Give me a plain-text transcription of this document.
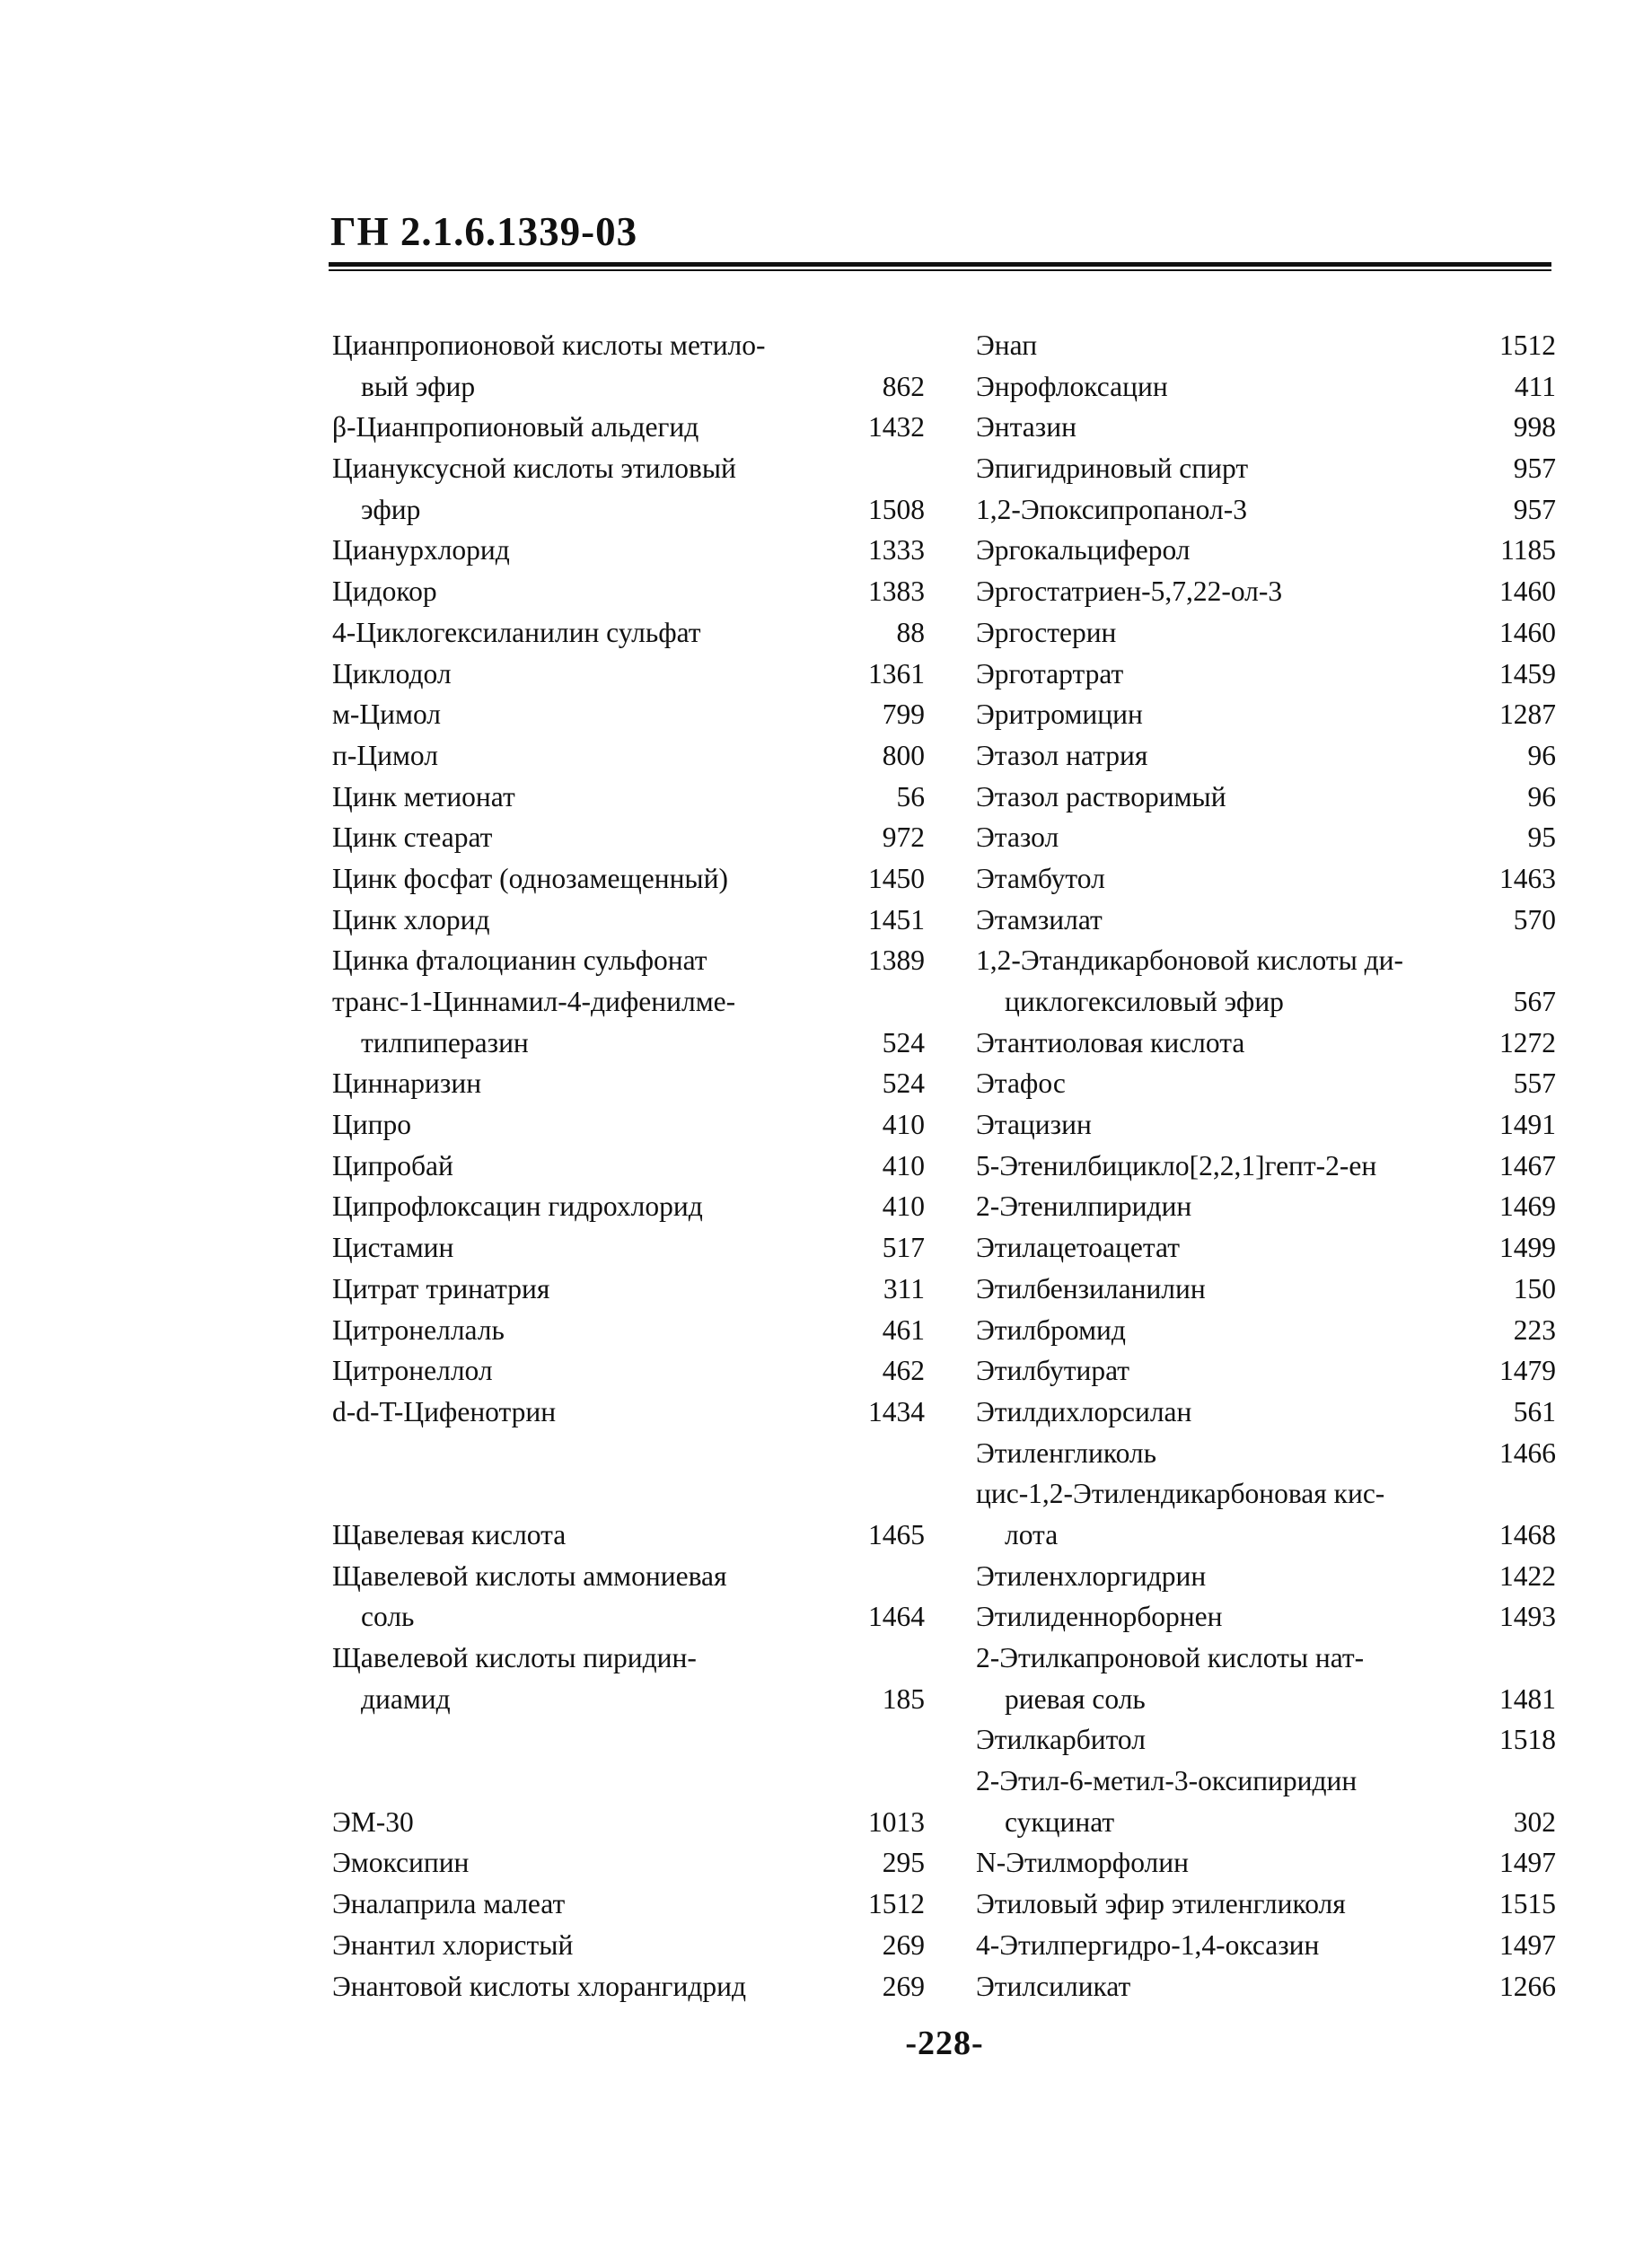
ГН 2.1.6.1339-03
Цианпропионовой кислоты метило-
вый эфир	862
β-Цианпропионовый альдегид	1432
Циануксусной кислоты этиловый
эфир	1508
Цианурхлорид	1333
Цидокор	1383
4-Циклогексиланилин сульфат	88
Циклодол	1361
м-Цимол	799
п-Цимол	800
Цинк метионат	56
Цинк стеарат	972
Цинк фосфат (однозамещенный)	1450
Цинк хлорид	1451
Цинка фталоцианин сульфонат	1389
транс-1-Циннамил-4-дифенилме-
тилпиперазин	524
Циннаризин	524
Ципро	410
Ципробай	410
Ципрофлоксацин гидрохлорид	410
Цистамин	517
Цитрат тринатрия	311
Цитронеллаль	461
Цитронеллол	462
d-d-T-Цифенотрин	1434
Щавелевая кислота	1465
Щавелевой кислоты аммониевая
соль	1464
Щавелевой кислоты пиридин-
диамид	185
ЭМ-30	1013
Эмоксипин	295
Эналаприла малеат	1512
Энантил хлористый	269
Энантовой кислоты хлорангидрид	269
Энап	1512
Энрофлоксацин	411
Энтазин	998
Эпигидриновый спирт	957
1,2-Эпоксипропанол-3	957
Эргокальциферол	1185
Эргостатриен-5,7,22-ол-3	1460
Эргостерин	1460
Эрготартрат	1459
Эритромицин	1287
Этазол натрия	96
Этазол растворимый	96
Этазол	95
Этамбутол	1463
Этамзилат	570
1,2-Этандикарбоновой кислоты ди-
циклогексиловый эфир	567
Этантиоловая кислота	1272
Этафос	557
Этацизин	1491
5-Этенилбицикло[2,2,1]гепт-2-ен	1467
2-Этенилпиридин	1469
Этилацетоацетат	1499
Этилбензиланилин	150
Этилбромид	223
Этилбутират	1479
Этилдихлорсилан	561
Этиленгликоль	1466
цис-1,2-Этилендикарбоновая кис-
лота	1468
Этиленхлоргидрин	1422
Этилиденнорборнен	1493
2-Этилкапроновой кислоты нат-
риевая соль	1481
Этилкарбитол	1518
2-Этил-6-метил-3-оксипиридин
сукцинат	302
N-Этилморфолин	1497
Этиловый эфир этиленгликоля	1515
4-Этилпергидро-1,4-оксазин	1497
Этилсиликат	1266
-228-
